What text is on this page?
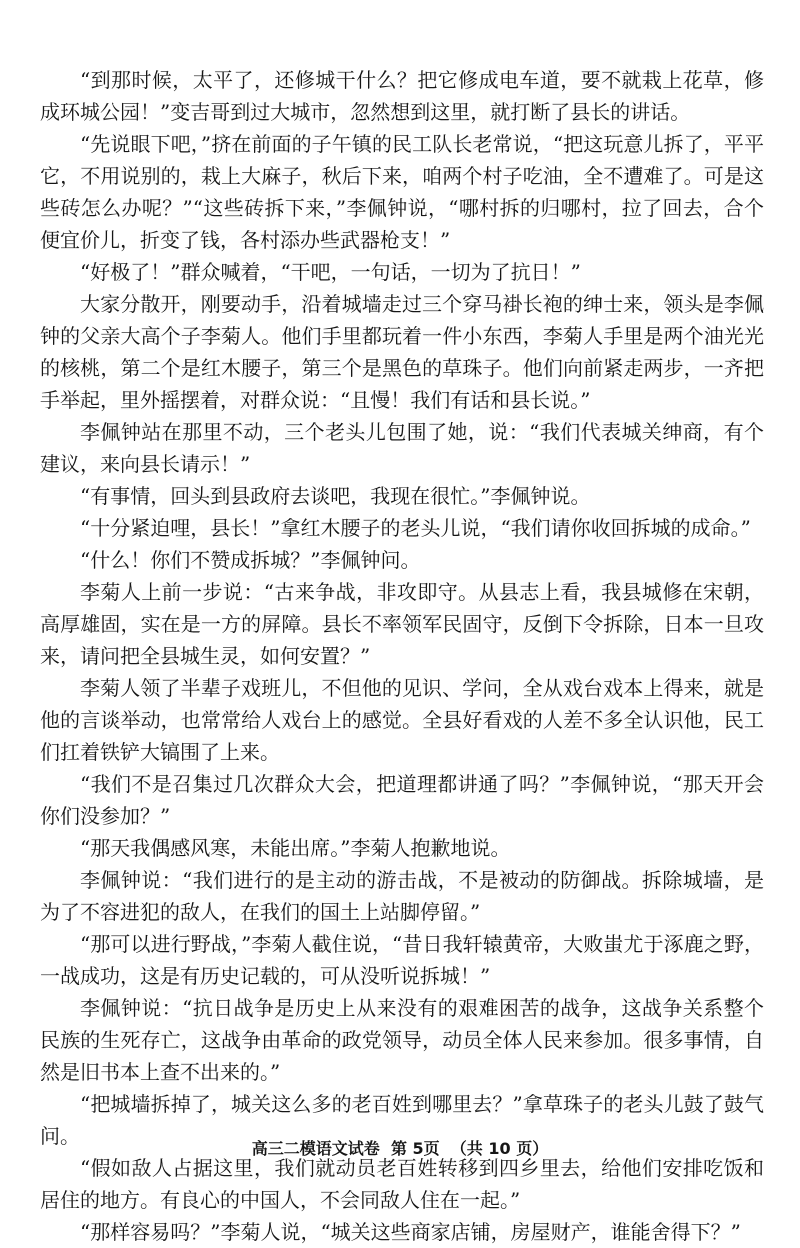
“到那时候，太平了，还修城干什么？把它修成电车道，要不就栽上花草，修成环城公园！”变吉哥到过大城市，忽然想到这里，就打断了县长的讲话。

“先说眼下吧，”挤在前面的子午镇的民工队长老常说，“把这玩意儿拆了，平平它，不用说别的，栽上大麻子，秋后下来，咱两个村子吃油，全不遭难了。可是这些砖怎么办呢？”“这些砖拆下来，”李佩钟说，“哪村拆的归哪村，拉了回去，合个便宜价儿，折变了钱，各村添办些武器枪支！”

“好极了！”群众喊着，“干吧，一句话，一切为了抗日！”

大家分散开，刚要动手，沿着城墙走过三个穿马褂长袍的绅士来，领头是李佩钟的父亲大高个子李菊人。他们手里都玩着一件小东西，李菊人手里是两个油光光的核桃，第二个是红木腰子，第三个是黑色的草珠子。他们向前紧走两步，一齐把手举起，里外摇摆着，对群众说：“且慢！我们有话和县长说。”

李佩钟站在那里不动，三个老头儿包围了她，说：“我们代表城关绅商，有个建议，来向县长请示！”

“有事情，回头到县政府去谈吧，我现在很忙。”李佩钟说。

“十分紧迫哩，县长！”拿红木腰子的老头儿说，“我们请你收回拆城的成命。”

“什么！你们不赞成拆城？”李佩钟问。

李菊人上前一步说：“古来争战，非攻即守。从县志上看，我县城修在宋朝，高厚雄固，实在是一方的屏障。县长不率领军民固守，反倒下令拆除，日本一旦攻来，请问把全县城生灵，如何安置？”

李菊人领了半辈子戏班儿，不但他的见识、学问，全从戏台戏本上得来，就是他的言谈举动，也常常给人戏台上的感觉。全县好看戏的人差不多全认识他，民工们扛着铁铲大镐围了上来。

“我们不是召集过几次群众大会，把道理都讲通了吗？”李佩钟说，“那天开会你们没参加？”

“那天我偶感风寒，未能出席。”李菊人抱歉地说。

李佩钟说：“我们进行的是主动的游击战，不是被动的防御战。拆除城墙，是为了不容进犯的敌人，在我们的国土上站脚停留。”

“那可以进行野战，”李菊人截住说，“昔日我轩辕黄帝，大败蚩尤于涿鹿之野，一战成功，这是有历史记载的，可从没听说拆城！”

李佩钟说：“抗日战争是历史上从来没有的艰难困苦的战争，这战争关系整个民族的生死存亡，这战争由革命的政党领导，动员全体人民来参加。很多事情，自然是旧书本上查不出来的。”

“把城墙拆掉了，城关这么多的老百姓到哪里去？”拿草珠子的老头儿鼓了鼓气问。

“假如敌人占据这里，我们就动员老百姓转移到四乡里去，给他们安排吃饭和居住的地方。有良心的中国人，不会同敌人住在一起。”

“那样容易吗？”李菊人说，“城关这些商家店铺，房屋财产，谁能舍得下？”

高三二模语文试卷  第 5页  （共 10 页）
